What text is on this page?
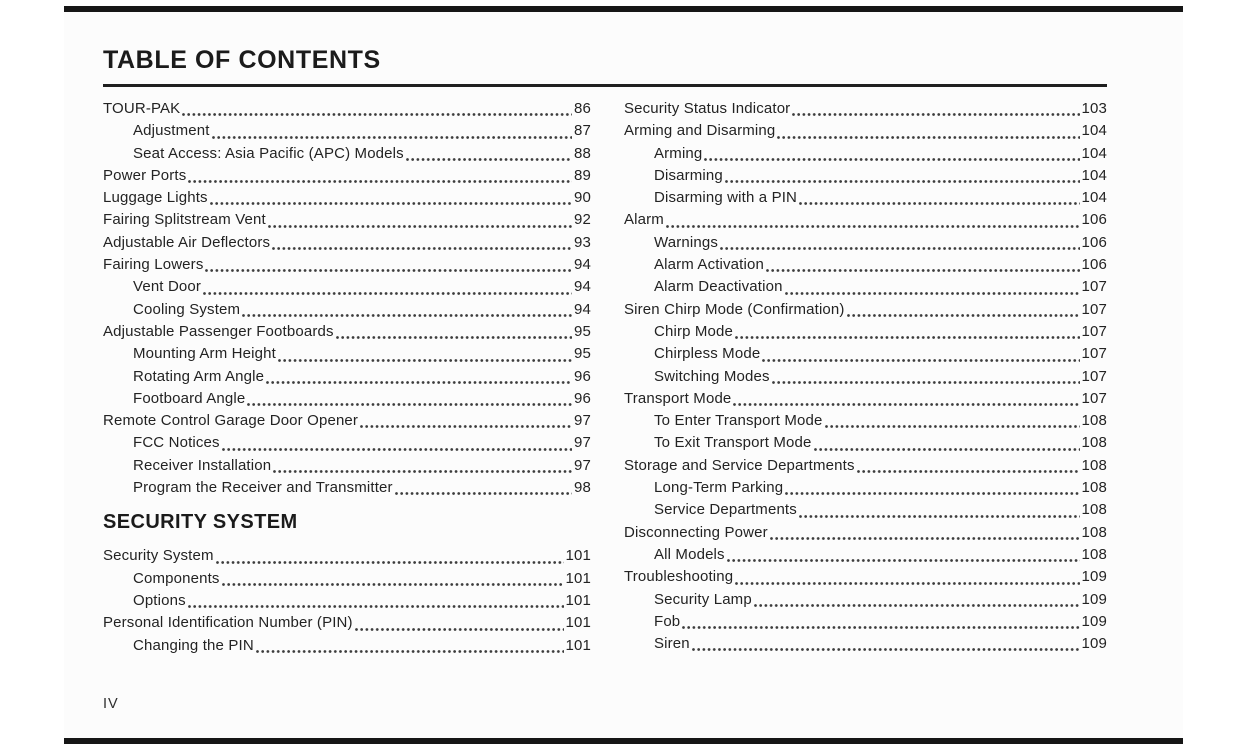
TABLE OF CONTENTS
TOUR-PAK	86
Adjustment	87
Seat Access: Asia Pacific (APC) Models	88
Power Ports	89
Luggage Lights	90
Fairing Splitstream Vent	92
Adjustable Air Deflectors	93
Fairing Lowers	94
Vent Door	94
Cooling System	94
Adjustable Passenger Footboards	95
Mounting Arm Height	95
Rotating Arm Angle	96
Footboard Angle	96
Remote Control Garage Door Opener	97
FCC Notices	97
Receiver Installation	97
Program the Receiver and Transmitter	98
SECURITY SYSTEM
Security System	101
Components	101
Options	101
Personal Identification Number (PIN)	101
Changing the PIN	101
Security Status Indicator	103
Arming and Disarming	104
Arming	104
Disarming	104
Disarming with a PIN	104
Alarm	106
Warnings	106
Alarm Activation	106
Alarm Deactivation	107
Siren Chirp Mode (Confirmation)	107
Chirp Mode	107
Chirpless Mode	107
Switching Modes	107
Transport Mode	107
To Enter Transport Mode	108
To Exit Transport Mode	108
Storage and Service Departments	108
Long-Term Parking	108
Service Departments	108
Disconnecting Power	108
All Models	108
Troubleshooting	109
Security Lamp	109
Fob	109
Siren	109
IV
